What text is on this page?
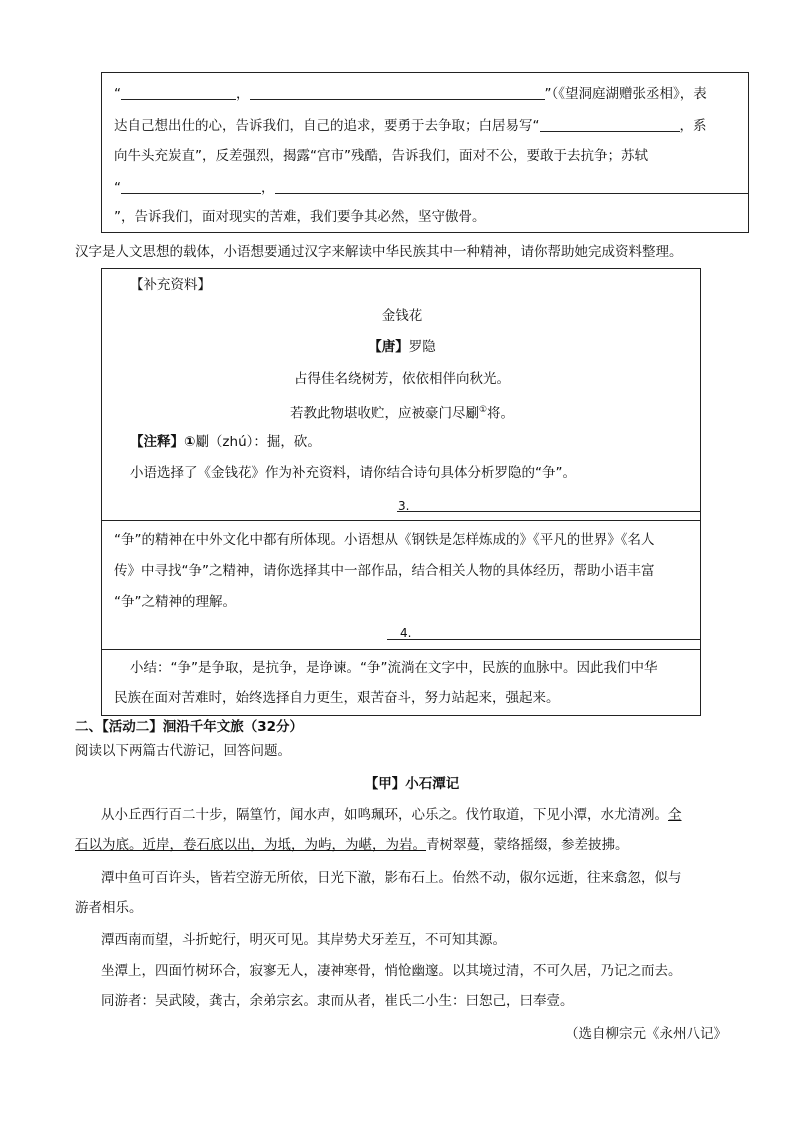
“	，	”（《望洞庭湖赠张丞相》，表
达自己想出仕的心，告诉我们，自己的追求，要勇于去争取；白居易写“	，系
向牛头充炭直”，反差强烈，揭露“宫市”残酷，告诉我们，面对不公，要敢于去抗争；苏轼
“	，
”，告诉我们，面对现实的苦难，我们要争其必然，坚守傲骨。
汉字是人文思想的载体，小语想要通过汉字来解读中华民族其中一种精神，请你帮助她完成资料整理。
【补充资料】
金钱花
【唐】罗隐
占得佳名绕树芳，依依相伴向秋光。
若教此物堪收贮，应被豪门尽劚①将。
【注释】①劚（zhú）：掘，砍。
小语选择了《金钱花》作为补充资料，请你结合诗句具体分析罗隐的“争”。
3.
“争”的精神在中外文化中都有所体现。小语想从《钢铁是怎样炼成的》《平凡的世界》《名人
传》中寻找“争”之精神，请你选择其中一部作品，结合相关人物的具体经历，帮助小语丰富
“争”之精神的理解。
4.
小结：“争”是争取，是抗争，是诤谏。“争”流淌在文字中，民族的血脉中。因此我们中华
民族在面对苦难时，始终选择自力更生，艰苦奋斗，努力站起来，强起来。
二、【活动二】洄沿千年文旅（32分）
阅读以下两篇古代游记，回答问题。
【甲】小石潭记
从小丘西行百二十步，隔篁竹，闻水声，如鸣珮环，心乐之。伐竹取道，下见小潭，水尤清冽。全
石以为底。近岸，卷石底以出，为坻，为屿，为嵁，为岩。青树翠蔓，蒙络摇缀，参差披拂。
潭中鱼可百许头，皆若空游无所依，日光下澈，影布石上。佁然不动，俶尔远逝，往来翕忽，似与
游者相乐。
潭西南而望，斗折蛇行，明灭可见。其岸势犬牙差互，不可知其源。
坐潭上，四面竹树环合，寂寥无人，凄神寒骨，悄怆幽邃。以其境过清，不可久居，乃记之而去。
同游者：吴武陵，龚古，余弟宗玄。隶而从者，崔氏二小生：曰恕己，曰奉壹。
（选自柳宗元《永州八记》
